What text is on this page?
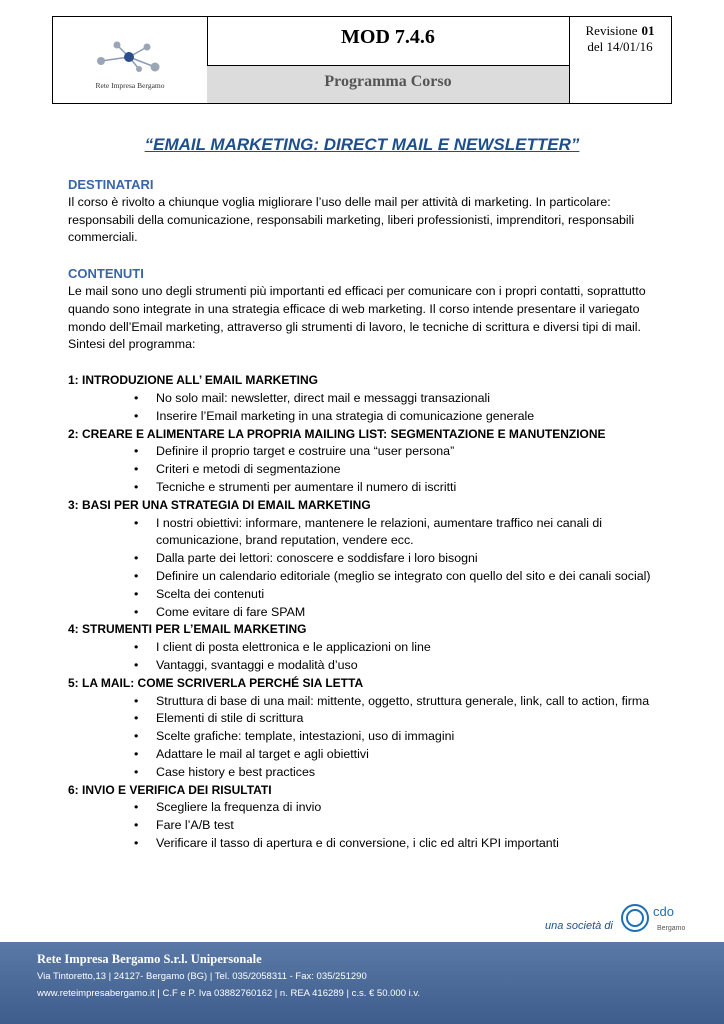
Rete Impresa Bergamo
MOD 7.4.6
Programma Corso
Revisione 01
del 14/01/16
“EMAIL MARKETING: DIRECT MAIL E NEWSLETTER”
DESTINATARI
Il corso è rivolto a chiunque voglia migliorare l’uso delle mail per attività di marketing. In particolare:
responsabili della comunicazione, responsabili marketing, liberi professionisti, imprenditori, responsabili
commerciali.
CONTENUTI
Le mail sono uno degli strumenti più importanti ed efficaci per comunicare con i propri contatti, soprattutto
quando sono integrate in una strategia efficace di web marketing. Il corso intende presentare il variegato
mondo dell’Email marketing, attraverso gli strumenti di lavoro, le tecniche di scrittura e diversi tipi di mail.
Sintesi del programma:
1: INTRODUZIONE ALL’ EMAIL MARKETING
• No solo mail: newsletter, direct mail e messaggi transazionali
• Inserire l’Email marketing in una strategia di comunicazione generale
2: CREARE E ALIMENTARE LA PROPRIA MAILING LIST: SEGMENTAZIONE E MANUTENZIONE
• Definire il proprio target e costruire una “user persona”
• Criteri e metodi di segmentazione
• Tecniche e strumenti per aumentare il numero di iscritti
3: BASI PER UNA STRATEGIA DI EMAIL MARKETING
• I nostri obiettivi: informare, mantenere le relazioni, aumentare traffico nei canali di comunicazione, brand reputation, vendere ecc.
• Dalla parte dei lettori: conoscere e soddisfare i loro bisogni
• Definire un calendario editoriale (meglio se integrato con quello del sito e dei canali social)
• Scelta dei contenuti
• Come evitare di fare SPAM
4: STRUMENTI PER L’EMAIL MARKETING
• I client di posta elettronica e le applicazioni on line
• Vantaggi, svantaggi e modalità d’uso
5: LA MAIL: COME SCRIVERLA PERCHÉ SIA LETTA
• Struttura di base di una mail: mittente, oggetto, struttura generale, link, call to action, firma
• Elementi di stile di scrittura
• Scelte grafiche: template, intestazioni, uso di immagini
• Adattare le mail al target e agli obiettivi
• Case history e best practices
6: INVIO E VERIFICA DEI RISULTATI
• Scegliere la frequenza di invio
• Fare l’A/B test
• Verificare il tasso di apertura e di conversione, i clic ed altri KPI importanti
una società di
cdo
Bergamo
Rete Impresa Bergamo S.r.l. Unipersonale
Via Tintoretto,13 | 24127- Bergamo (BG) | Tel. 035/2058311 - Fax: 035/251290
www.reteimpresabergamo.it | C.F e P. Iva 03882760162 | n. REA 416289 | c.s. € 50.000 i.v.
